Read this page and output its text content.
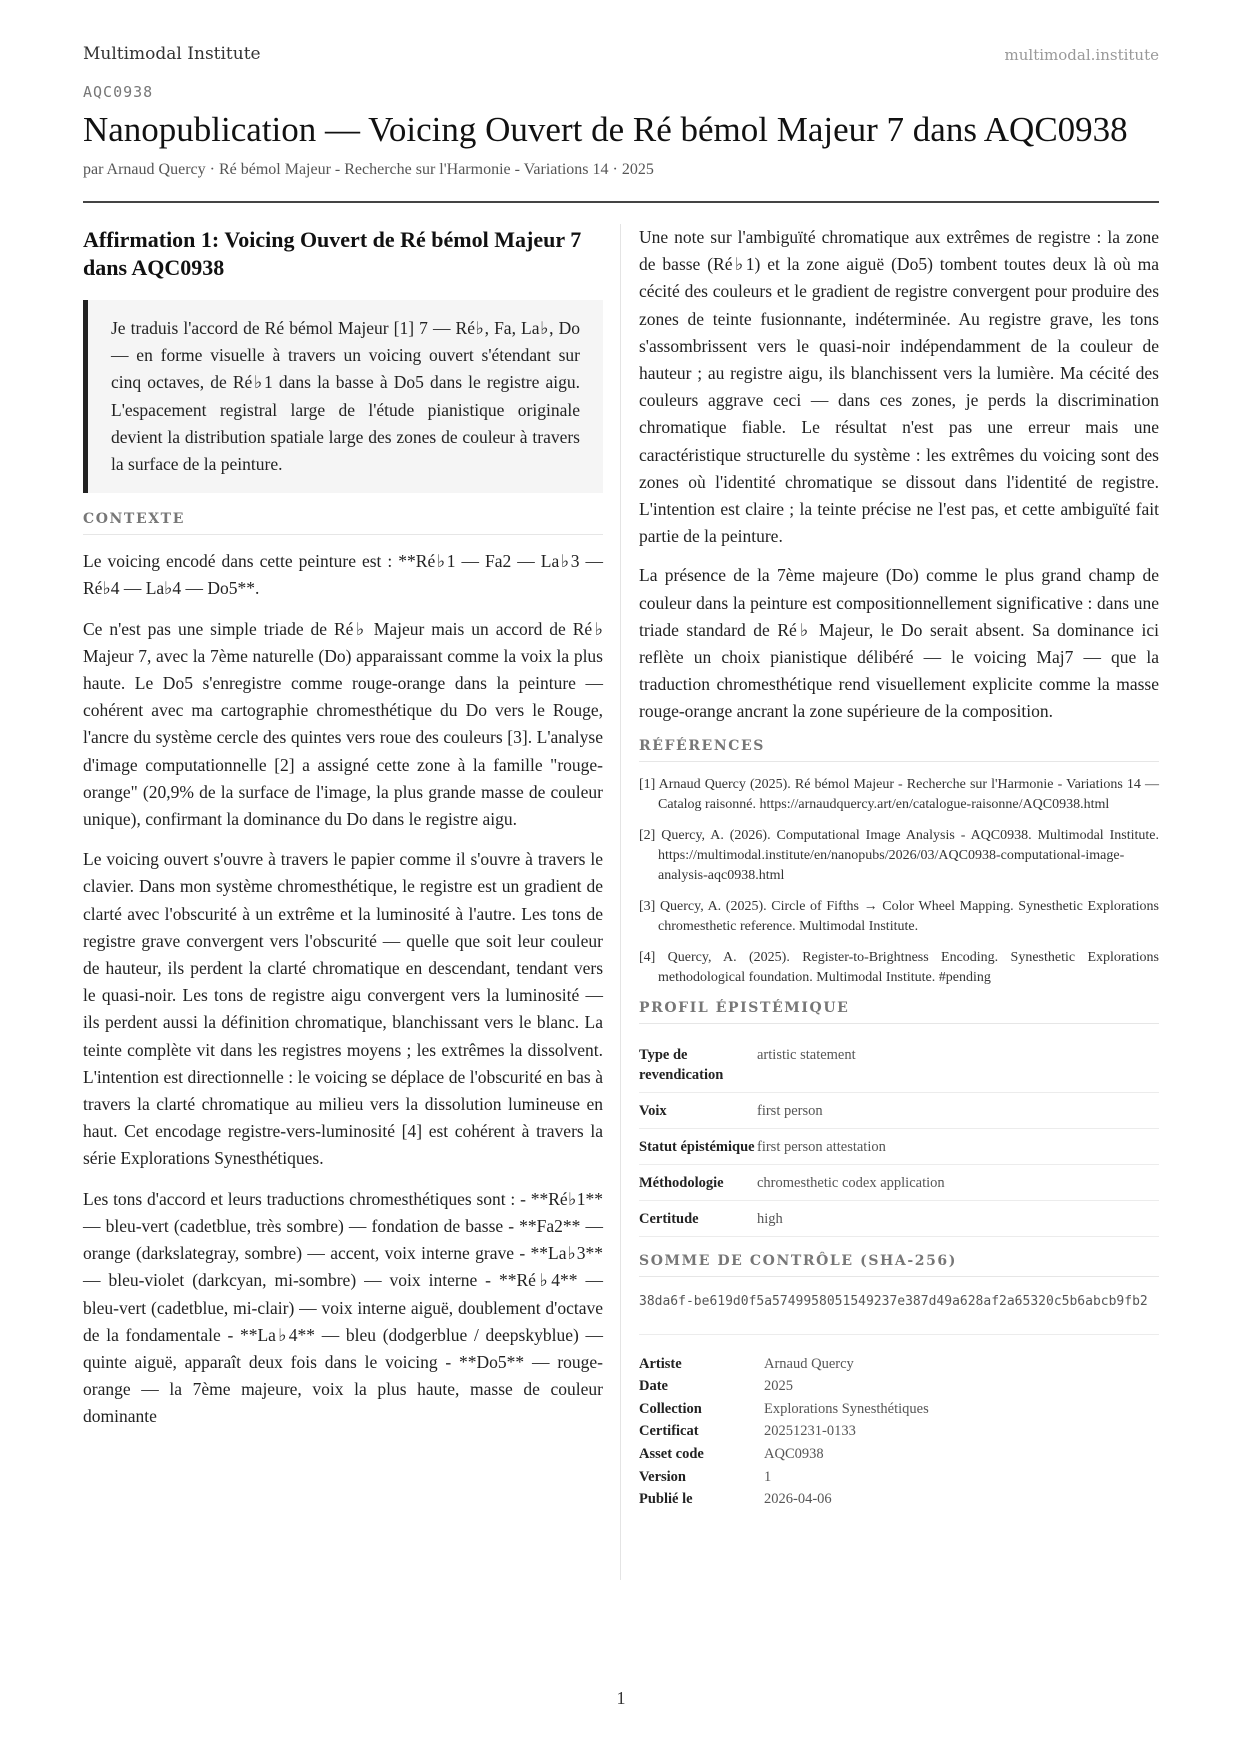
Multimodal Institute	multimodal.institute
AQC0938
Nanopublication — Voicing Ouvert de Ré bémol Majeur 7 dans AQC0938
par Arnaud Quercy · Ré bémol Majeur - Recherche sur l'Harmonie - Variations 14 · 2025
Affirmation 1: Voicing Ouvert de Ré bémol Majeur 7 dans AQC0938
Je traduis l'accord de Ré bémol Majeur [1] 7 — Ré♭, Fa, La♭, Do — en forme visuelle à travers un voicing ouvert s'étendant sur cinq octaves, de Ré♭1 dans la basse à Do5 dans le registre aigu. L'espacement registral large de l'étude pianistique originale devient la distribution spatiale large des zones de couleur à travers la surface de la peinture.
CONTEXTE

Le voicing encodé dans cette peinture est : **Ré♭1 — Fa2 — La♭3 — Ré♭4 — La♭4 — Do5**.

Ce n'est pas une simple triade de Ré♭ Majeur mais un accord de Ré♭ Majeur 7, avec la 7ème naturelle (Do) apparaissant comme la voix la plus haute. Le Do5 s'enregistre comme rouge-orange dans la peinture — cohérent avec ma cartographie chromesthétique du Do vers le Rouge, l'ancre du système cercle des quintes vers roue des couleurs [3]. L'analyse d'image computationnelle [2] a assigné cette zone à la famille "rouge-orange" (20,9% de la surface de l'image, la plus grande masse de couleur unique), confirmant la dominance du Do dans le registre aigu.

Le voicing ouvert s'ouvre à travers le papier comme il s'ouvre à travers le clavier. Dans mon système chromesthétique, le registre est un gradient de clarté avec l'obscurité à un extrême et la luminosité à l'autre. Les tons de registre grave convergent vers l'obscurité — quelle que soit leur couleur de hauteur, ils perdent la clarté chromatique en descendant, tendant vers le quasi-noir. Les tons de registre aigu convergent vers la luminosité — ils perdent aussi la définition chromatique, blanchissant vers le blanc. La teinte complète vit dans les registres moyens ; les extrêmes la dissolvent. L'intention est directionnelle : le voicing se déplace de l'obscurité en bas à travers la clarté chromatique au milieu vers la dissolution lumineuse en haut. Cet encodage registre-vers-luminosité [4] est cohérent à travers la série Explorations Synesthétiques.

Les tons d'accord et leurs traductions chromesthétiques sont : - **Ré♭1** — bleu-vert (cadetblue, très sombre) — fondation de basse - **Fa2** — orange (darkslategray, sombre) — accent, voix interne grave - **La♭3** — bleu-violet (darkcyan, mi-sombre) — voix interne - **Ré♭4** — bleu-vert (cadetblue, mi-clair) — voix interne aiguë, doublement d'octave de la fondamentale - **La♭4** — bleu (dodgerblue / deepskyblue) — quinte aiguë, apparaît deux fois dans le voicing - **Do5** — rouge-orange — la 7ème majeure, voix la plus haute, masse de couleur dominante

Une note sur l'ambiguïté chromatique aux extrêmes de registre : la zone de basse (Ré♭1) et la zone aiguë (Do5) tombent toutes deux là où ma cécité des couleurs et le gradient de registre convergent pour produire des zones de teinte fusionnante, indéterminée. Au registre grave, les tons s'assombrissent vers le quasi-noir indépendamment de la couleur de hauteur ; au registre aigu, ils blanchissent vers la lumière. Ma cécité des couleurs aggrave ceci — dans ces zones, je perds la discrimination chromatique fiable. Le résultat n'est pas une erreur mais une caractéristique structurelle du système : les extrêmes du voicing sont des zones où l'identité chromatique se dissout dans l'identité de registre. L'intention est claire ; la teinte précise ne l'est pas, et cette ambiguïté fait partie de la peinture.

La présence de la 7ème majeure (Do) comme le plus grand champ de couleur dans la peinture est compositionnellement significative : dans une triade standard de Ré♭ Majeur, le Do serait absent. Sa dominance ici reflète un choix pianistique délibéré — le voicing Maj7 — que la traduction chromesthétique rend visuellement explicite comme la masse rouge-orange ancrant la zone supérieure de la composition.

RÉFÉRENCES
[1] Arnaud Quercy (2025). Ré bémol Majeur - Recherche sur l'Harmonie - Variations 14 — Catalog raisonné. https://arnaudquercy.art/en/catalogue-raisonne/AQC0938.html
[2] Quercy, A. (2026). Computational Image Analysis - AQC0938. Multimodal Institute. https://multimodal.institute/en/nanopubs/2026/03/AQC0938-computational-image-analysis-aqc0938.html
[3] Quercy, A. (2025). Circle of Fifths → Color Wheel Mapping. Synesthetic Explorations chromesthetic reference. Multimodal Institute.
[4] Quercy, A. (2025). Register-to-Brightness Encoding. Synesthetic Explorations methodological foundation. Multimodal Institute. #pending
PROFIL ÉPISTÉMIQUE
Type de revendication	artistic statement
Voix	first person
Statut épistémique	first person attestation
Méthodologie	chromesthetic codex application
Certitude	high
SOMME DE CONTRÔLE (SHA-256)
38da6f-be619d0f5a5749958051549237e387d49a628af2a65320c5b6abcb9fb2
Artiste	Arnaud Quercy
Date	2025
Collection	Explorations Synesthétiques
Certificat	20251231-0133
Asset code	AQC0938
Version	1
Publié le	2026-04-06
1
